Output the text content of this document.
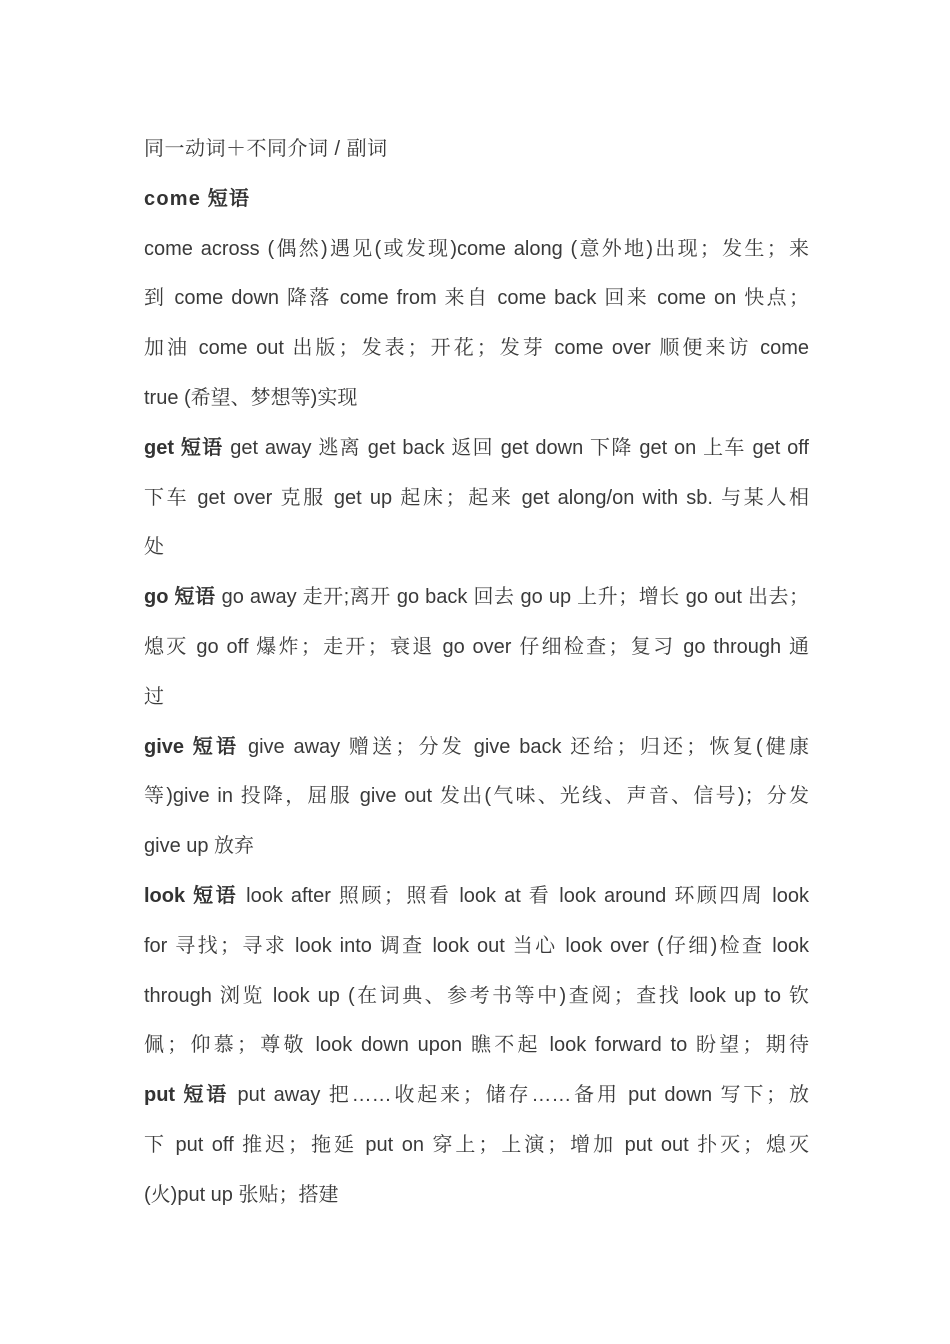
同一动词＋不同介词 / 副词
come 短语
come across (偶然)遇见(或发现)come along (意外地)出现；发生；来
到 come down 降落 come from 来自 come back 回来 come on 快点；
加油 come out 出版；发表；开花；发芽 come over 顺便来访 come
true (希望、梦想等)实现
get 短语 get away 逃离 get back 返回 get down 下降 get on 上车 get off
下车 get over 克服 get up 起床；起来 get along/on with sb. 与某人相
处
go 短语 go away 走开;离开 go back 回去 go up 上升；增长 go out 出去；
熄灭 go off 爆炸；走开；衰退 go over 仔细检查；复习 go through 通
过
give 短语 give away 赠送；分发 give back 还给；归还；恢复(健康
等)give in 投降，屈服 give out 发出(气味、光线、声音、信号)；分发
give up 放弃
look 短语 look after 照顾；照看 look at 看 look around 环顾四周 look
for 寻找；寻求 look into 调查 look out 当心 look over (仔细)检查 look
through 浏览 look up (在词典、参考书等中)查阅；查找 look up to 钦
佩；仰慕；尊敬 look down upon 瞧不起 look forward to 盼望；期待
put 短语 put away 把……收起来；储存……备用 put down 写下；放
下 put off 推迟；拖延 put on 穿上；上演；增加 put out 扑灭；熄灭
(火)put up 张贴；搭建
